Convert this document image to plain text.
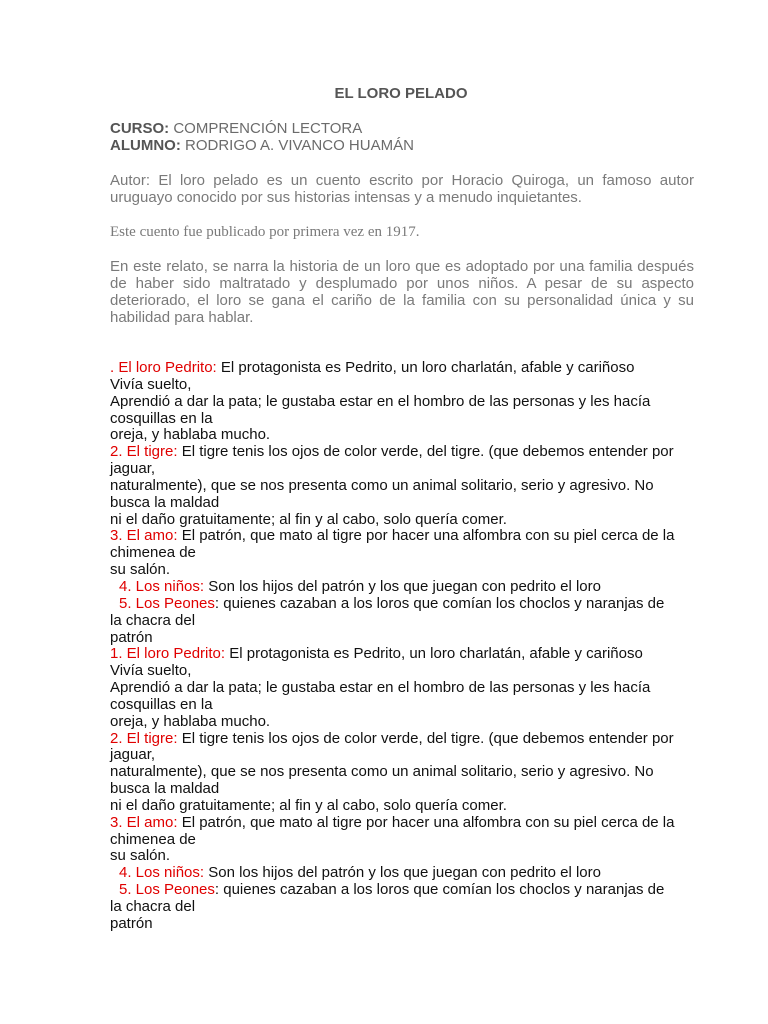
EL LORO PELADO
CURSO: COMPRENCIÓN LECTORA
ALUMNO: RODRIGO A. VIVANCO HUAMÁN

Autor: El loro pelado es un cuento escrito por Horacio Quiroga, un famoso autor uruguayo conocido por sus historias intensas y a menudo inquietantes.

Este cuento fue publicado por primera vez en 1917.

En este relato, se narra la historia de un loro que es adoptado por una familia después de haber sido maltratado y desplumado por unos niños. A pesar de su aspecto deteriorado, el loro se gana el cariño de la familia con su personalidad única y su habilidad para hablar.

. El loro Pedrito: El protagonista es Pedrito, un loro charlatán, afable y cariñoso
Vivía suelto,
Aprendió a dar la pata; le gustaba estar en el hombro de las personas y les hacía
cosquillas en la
oreja, y hablaba mucho.
2. El tigre: El tigre tenis los ojos de color verde, del tigre. (que debemos entender por
jaguar,
naturalmente), que se nos presenta como un animal solitario, serio y agresivo. No
busca la maldad
ni el daño gratuitamente; al fin y al cabo, solo quería comer.
3. El amo: El patrón, que mato al tigre por hacer una alfombra con su piel cerca de la
chimenea de
su salón.
4. Los niños: Son los hijos del patrón y los que juegan con pedrito el loro
5. Los Peones: quienes cazaban a los loros que comían los choclos y naranjas de
la chacra del
patrón
1. El loro Pedrito: El protagonista es Pedrito, un loro charlatán, afable y cariñoso
Vivía suelto,
Aprendió a dar la pata; le gustaba estar en el hombro de las personas y les hacía
cosquillas en la
oreja, y hablaba mucho.
2. El tigre: El tigre tenis los ojos de color verde, del tigre. (que debemos entender por
jaguar,
naturalmente), que se nos presenta como un animal solitario, serio y agresivo. No
busca la maldad
ni el daño gratuitamente; al fin y al cabo, solo quería comer.
3. El amo: El patrón, que mato al tigre por hacer una alfombra con su piel cerca de la
chimenea de
su salón.
4. Los niños: Son los hijos del patrón y los que juegan con pedrito el loro
5. Los Peones: quienes cazaban a los loros que comían los choclos y naranjas de
la chacra del
patrón
